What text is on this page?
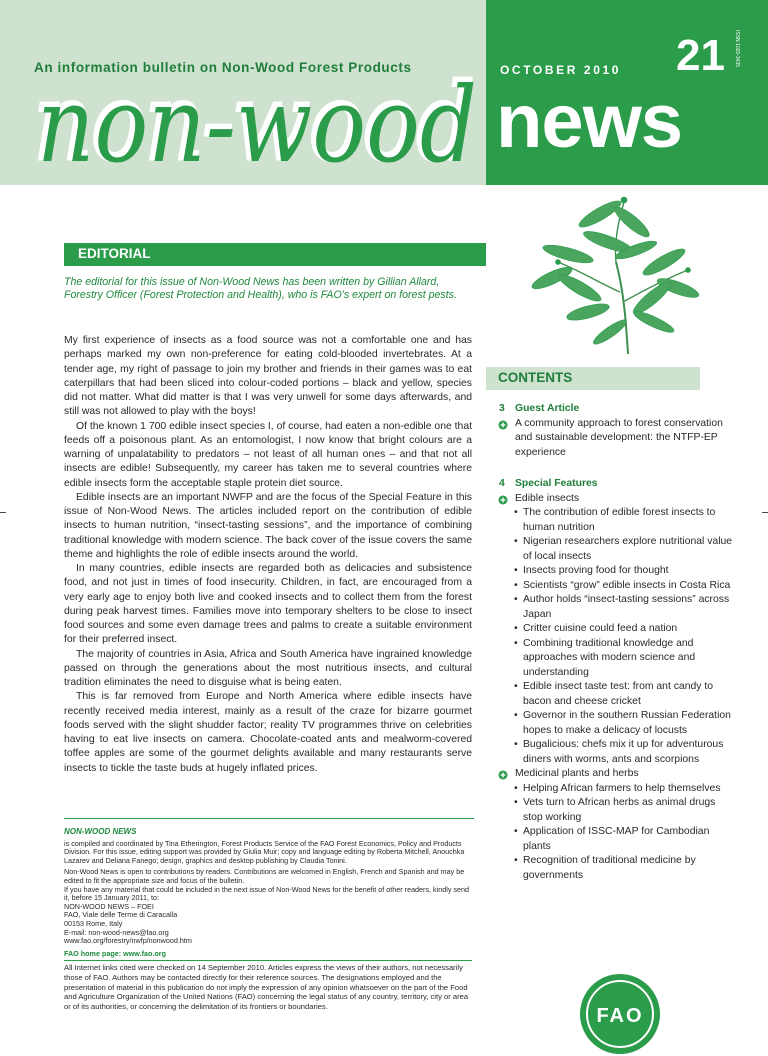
An information bulletin on Non-Wood Forest Products
non-wood
non-wood OCTOBER 2010 21 ISSN 1020-3435
news
EDITORIAL
The editorial for this issue of Non-Wood News has been written by Gillian Allard, Forestry Officer (Forest Protection and Health), who is FAO’s expert on forest pests.

My first experience of insects as a food source was not a comfortable one and has perhaps marked my own non-preference for eating cold-blooded invertebrates. At a tender age, my right of passage to join my brother and friends in their games was to eat caterpillars that had been sliced into colour-coded portions – black and yellow, species did not matter. What did matter is that I was very unwell for some days afterwards, and still was not allowed to play with the boys!

Of the known 1 700 edible insect species I, of course, had eaten a non-edible one that feeds off a poisonous plant. As an entomologist, I now know that bright colours are a warning of unpalatability to predators – not least of all human ones – and that not all insects are edible! Subsequently, my career has taken me to several countries where edible insects form the acceptable staple protein diet source.

Edible insects are an important NWFP and are the focus of the Special Feature in this issue of Non-Wood News. The articles included report on the contribution of edible insects to human nutrition, “insect-tasting sessions”, and the importance of combining traditional knowledge with modern science. The back cover of the issue covers the same theme and highlights the role of edible insects around the world.

In many countries, edible insects are regarded both as delicacies and subsistence food, and not just in times of food insecurity. Children, in fact, are encouraged from a very early age to enjoy both live and cooked insects and to collect them from the forest during peak harvest times. Families move into temporary shelters to be close to insect food sources and some even damage trees and palms to create a suitable environment for their preferred insect.

The majority of countries in Asia, Africa and South America have ingrained knowledge passed on through the generations about the most nutritious insects, and cultural tradition eliminates the need to disguise what is being eaten.

This is far removed from Europe and North America where edible insects have recently received media interest, mainly as a result of the craze for bizarre gourmet foods served with the slight shudder factor; reality TV programmes thrive on celebrities having to eat live insects on camera. Chocolate-coated ants and mealworm-covered toffee apples are some of the gourmet delights available and many restaurants serve insects to tickle the taste buds at hugely inflated prices.

NON-WOOD NEWS

is compiled and coordinated by Tina Etherington, Forest Products Service of the FAO Forest Economics, Policy and Products Division. For this issue, editing support was provided by Giulia Muir; copy and language editing by Roberta Mitchell, Anouchka Lazarev and Deliana Fanego; design, graphics and desktop publishing by Claudia Tonini.

Non-Wood News is open to contributions by readers. Contributions are welcomed in English, French and Spanish and may be edited to fit the appropriate size and focus of the bulletin.

If you have any material that could be included in the next issue of Non-Wood News for the benefit of other readers, kindly send it, before 15 January 2011, to:

NON-WOOD NEWS – FOEI

FAO, Viale delle Terme di Caracalla

00153 Rome, Italy

E-mail: non-wood-news@fao.org

www.fao.org/forestry/nwfp/nonwood.htm

FAO home page: www.fao.org

All Internet links cited were checked on 14 September 2010. Articles express the views of their authors, not necessarily those of FAO. Authors may be contacted directly for their reference sources. The designations employed and the presentation of material in this publication do not imply the expression of any opinion whatsoever on the part of the Food and Agriculture Organization of the United Nations (FAO) concerning the legal status of any country, territory, city or area or of its authorities, or concerning the delimitation of its frontiers or boundaries.

CONTENTS
3 Guest Article
A community approach to forest conservation and sustainable development: the NTFP-EP experience
4 Special Features
Edible insects
• The contribution of edible forest insects to human nutrition
• Nigerian researchers explore nutritional value of local insects
• Insects proving food for thought
• Scientists “grow” edible insects in Costa Rica
• Author holds “insect-tasting sessions” across Japan
• Critter cuisine could feed a nation
• Combining traditional knowledge and approaches with modern science and understanding
• Edible insect taste test: from ant candy to bacon and cheese cricket
• Governor in the southern Russian Federation hopes to make a delicacy of locusts
• Bugalicious: chefs mix it up for adventurous diners with worms, ants and scorpions
Medicinal plants and herbs
• Helping African farmers to help themselves
• Vets turn to African herbs as animal drugs stop working
• Application of ISSC-MAP for Cambodian plants
• Recognition of traditional medicine by governments
FAO
